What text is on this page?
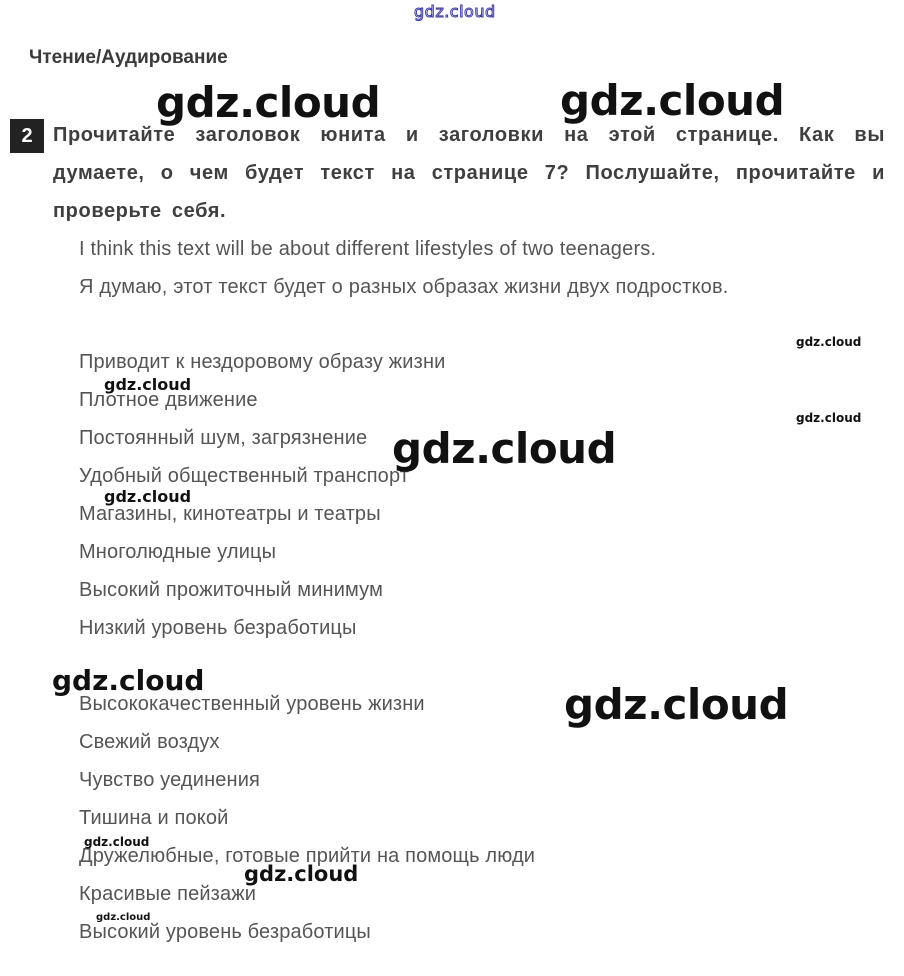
gdz.cloud
Чтение/Аудирование
2	Прочитайте заголовок юнита и заголовки на этой странице. Как вы
думаете, о чем будет текст на странице 7? Послушайте, прочитайте и
проверьте себя.
I think this text will be about different lifestyles of two teenagers.
Я думаю, этот текст будет о разных образах жизни двух подростков.
Приводит к нездоровому образу жизни
Плотное движение
Постоянный шум, загрязнение
Удобный общественный транспорт
Магазины, кинотеатры и театры
Многолюдные улицы
Высокий прожиточный минимум
Низкий уровень безработицы
Высококачественный уровень жизни
Свежий воздух
Чувство уединения
Тишина и покой
Дружелюбные, готовые прийти на помощь люди
Красивые пейзажи
Высокий уровень безработицы
gdz.cloud	gdz.cloud
gdz.cloud
gdz.cloud
gdz.cloud
gdz.cloud
gdz.cloud
gdz.cloud
gdz.cloud
gdz.cloud
gdz.cloud
gdz.cloud
